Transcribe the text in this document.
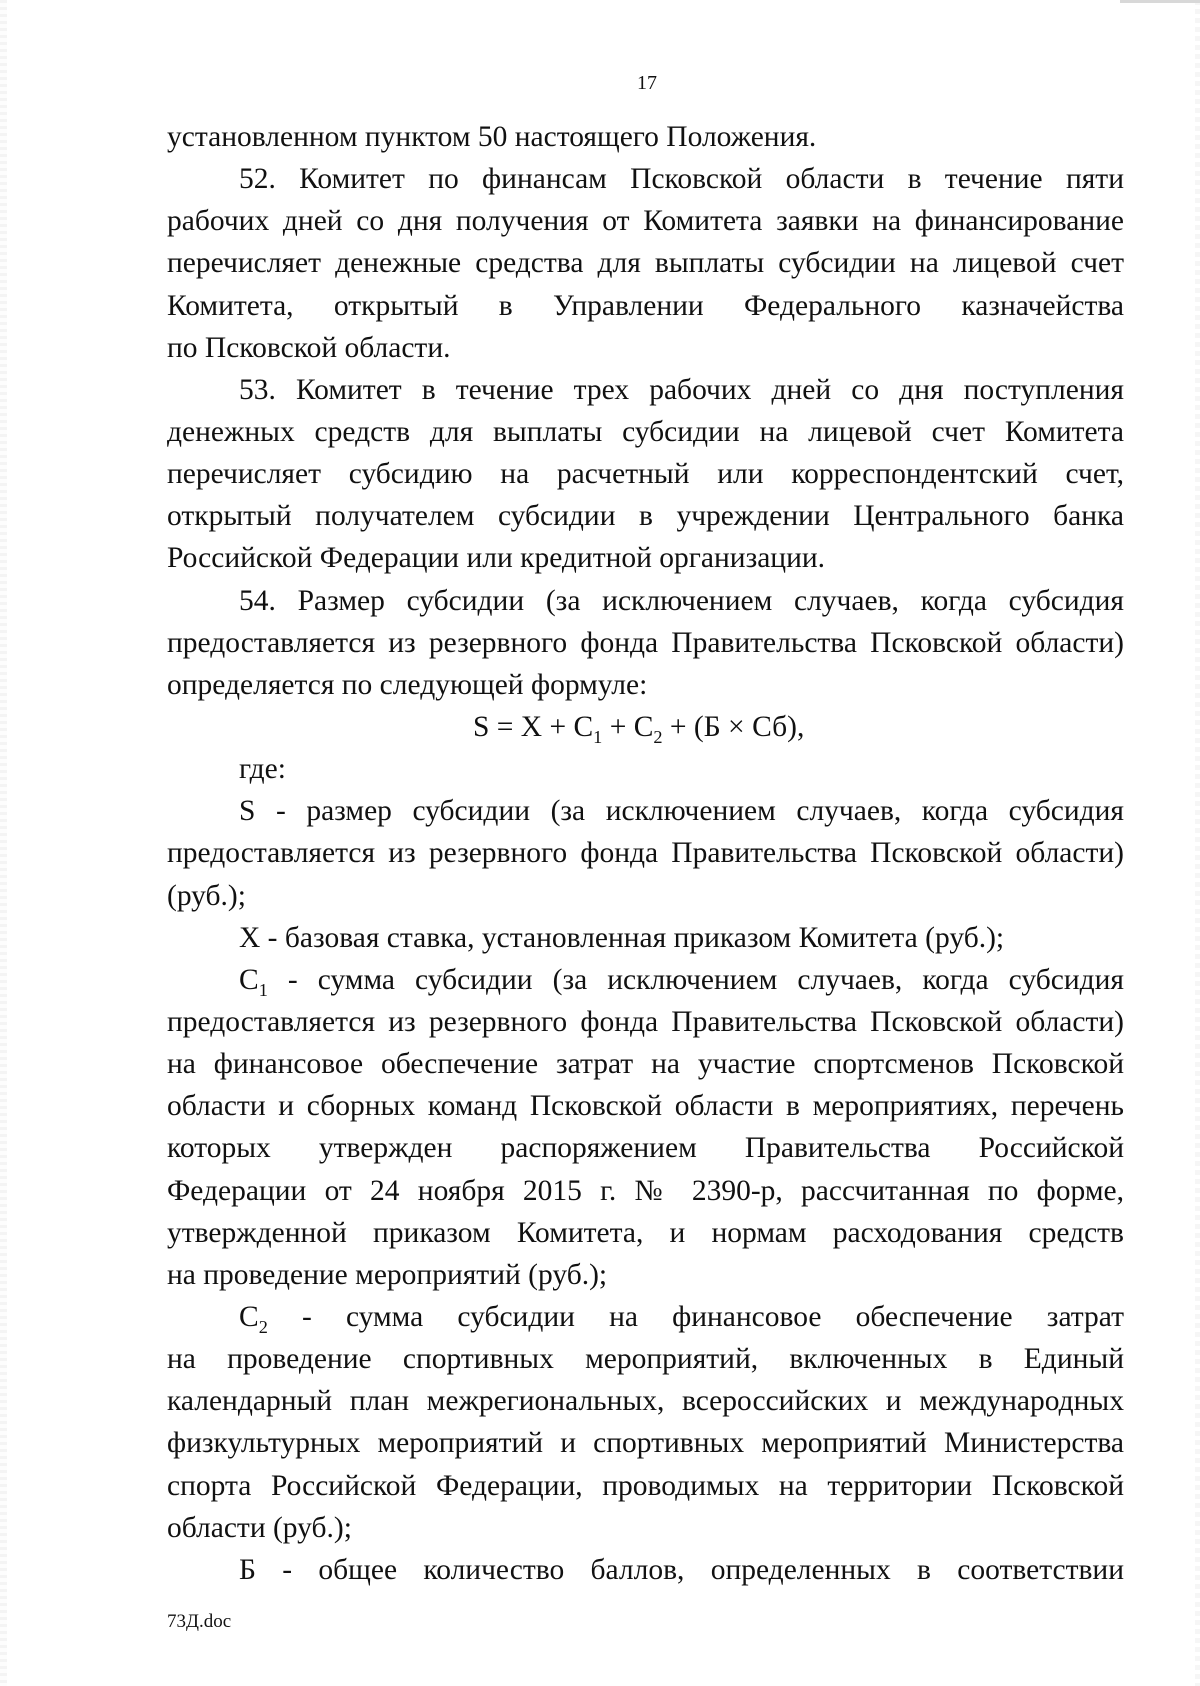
17
установленном пунктом 50 настоящего Положения.
52. Комитет по финансам Псковской области в течение пяти
рабочих дней со дня получения от Комитета заявки на финансирование
перечисляет денежные средства для выплаты субсидии на лицевой счет
Комитета, открытый в Управлении Федерального казначейства
по Псковской области.
53. Комитет в течение трех рабочих дней со дня поступления
денежных средств для выплаты субсидии на лицевой счет Комитета
перечисляет субсидию на расчетный или корреспондентский счет,
открытый получателем субсидии в учреждении Центрального банка
Российской Федерации или кредитной организации.
54. Размер субсидии (за исключением случаев, когда субсидия
предоставляется из резервного фонда Правительства Псковской области)
определяется по следующей формуле:
$S = X + C_1 + C_2 + (Б \times Сб)$,
где:
S - размер субсидии (за исключением случаев, когда субсидия
предоставляется из резервного фонда Правительства Псковской области)
(руб.);
X - базовая ставка, установленная приказом Комитета (руб.);
$C_1$ - сумма субсидии (за исключением случаев, когда субсидия
предоставляется из резервного фонда Правительства Псковской области)
на финансовое обеспечение затрат на участие спортсменов Псковской
области и сборных команд Псковской области в мероприятиях, перечень
которых утвержден распоряжением Правительства Российской
Федерации от 24 ноября 2015 г. № 2390-р, рассчитанная по форме,
утвержденной приказом Комитета, и нормам расходования средств
на проведение мероприятий (руб.);
$C_2$ - сумма субсидии на финансовое обеспечение затрат
на проведение спортивных мероприятий, включенных в Единый
календарный план межрегиональных, всероссийских и международных
физкультурных мероприятий и спортивных мероприятий Министерства
спорта Российской Федерации, проводимых на территории Псковской
области (руб.);
Б - общее количество баллов, определенных в соответствии
73Д.doc
